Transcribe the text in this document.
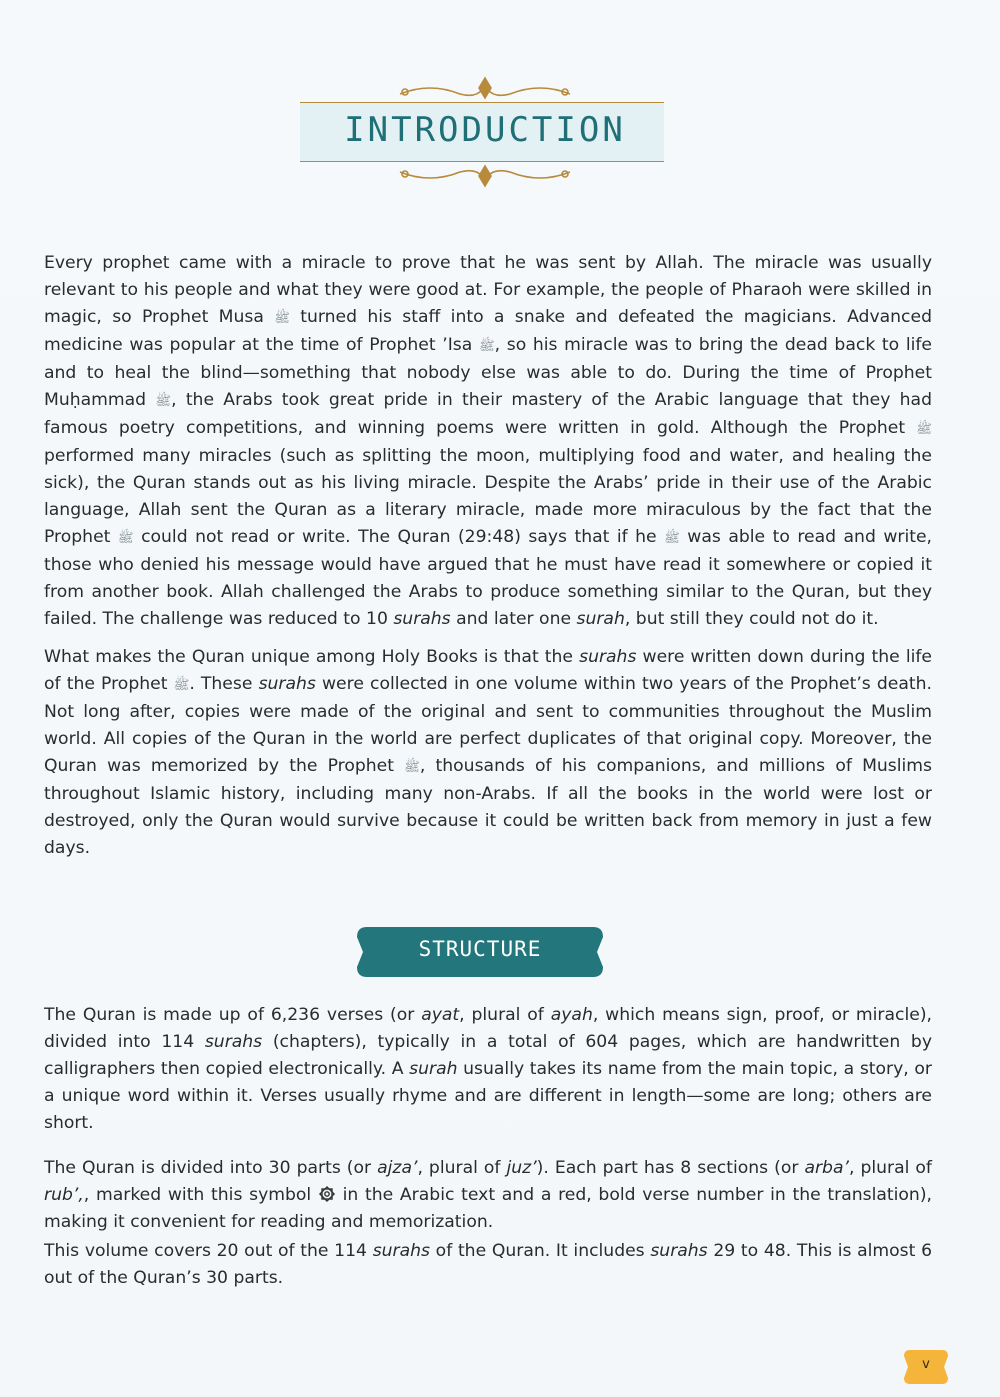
INTRODUCTION

Every prophet came with a miracle to prove that he was sent by Allah. The miracle was usually relevant to his people and what they were good at. For example, the people of Pharaoh were skilled in magic, so Prophet Musa ﷺ turned his staff into a snake and defeated the magicians. Advanced medicine was popular at the time of Prophet ’Isa ﷺ, so his miracle was to bring the dead back to life and to heal the blind—something that nobody else was able to do. During the time of Prophet Muḥammad ﷺ, the Arabs took great pride in their mastery of the Arabic language that they had famous poetry competitions, and winning poems were written in gold. Although the Prophet ﷺ performed many miracles (such as splitting the moon, multiplying food and water, and healing the sick), the Quran stands out as his living miracle. Despite the Arabs’ pride in their use of the Arabic language, Allah sent the Quran as a literary miracle, made more miraculous by the fact that the Prophet ﷺ could not read or write. The Quran (29:48) says that if he ﷺ was able to read and write, those who denied his message would have argued that he must have read it somewhere or copied it from another book. Allah challenged the Arabs to produce something similar to the Quran, but they failed. The challenge was reduced to 10 surahs and later one surah, but still they could not do it.

What makes the Quran unique among Holy Books is that the surahs were written down during the life of the Prophet ﷺ. These surahs were collected in one volume within two years of the Prophet’s death. Not long after, copies were made of the original and sent to communities throughout the Muslim world. All copies of the Quran in the world are perfect duplicates of that original copy. Moreover, the Quran was memorized by the Prophet ﷺ, thousands of his companions, and millions of Muslims throughout Islamic history, including many non-Arabs. If all the books in the world were lost or destroyed, only the Quran would survive because it could be written back from memory in just a few days.

STRUCTURE

The Quran is made up of 6,236 verses (or ayat, plural of ayah, which means sign, proof, or miracle), divided into 114 surahs (chapters), typically in a total of 604 pages, which are handwritten by calligraphers then copied electronically. A surah usually takes its name from the main topic, a story, or a unique word within it. Verses usually rhyme and are different in length—some are long; others are short.

The Quran is divided into 30 parts (or ajza’, plural of juz’). Each part has 8 sections (or arba’, plural of rub’,, marked with this symbol  in the Arabic text and a red, bold verse number in the translation), making it convenient for reading and memorization.

This volume covers 20 out of the 114 surahs of the Quran. It includes surahs 29 to 48. This is almost 6 out of the Quran’s 30 parts.

v
